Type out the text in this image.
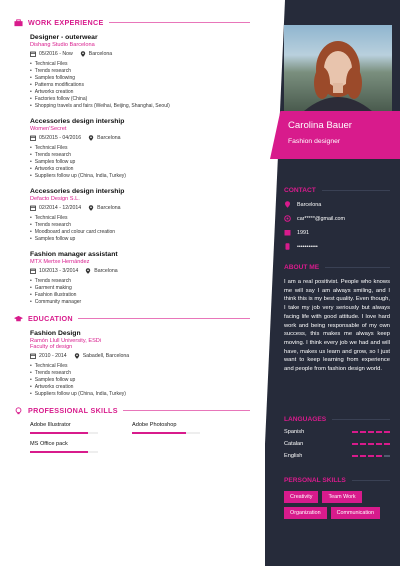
WORK EXPERIENCE
Designer - outerwear
Dishang Studio Barcelona
05/2016 - Now	Barcelona
• Technical Files
• Trends research
• Samples following
• Patterns modifications
• Artworks creation
• Factories follow (China)
• Shopping travels and fairs (Weihai, Beijing, Shanghai, Seoul)
Accessories design intership
Women'Secret
05/2015 - 04/2016	Barcelona
• Technical Files
• Trends research
• Samples follow up
• Artworks creation
• Suppliers follow up (China, India, Turkey)
Accessories design intership
Defacto Design S.L.
02/2014 - 12/2014	Barcelona
• Technical Files
• Trends research
• Moodboard and colour card creation
• Samples follow up
Fashion manager assistant
MTX Mertxe Hernández
10/2013 - 3/2014	Barcelona
• Trends research
• Garment making
• Fashion illustration
• Community manager
EDUCATION
Fashion Design
Ramón Llull University, ESDi
Faculty of design
2010 - 2014	Sabadell, Barcelona
• Technical Files
• Trends research
• Samples follow up
• Artworks creation
• Suppliers follow up (China, India, Turkey)
PROFESSIONAL SKILLS
Adobe Illustrator	Adobe Photoshop
MS Office pack
Carolina Bauer
Fashion designer
CONTACT
Barcelona
car*****@gmail.com
1991
•••••••••••
ABOUT ME
I am a real positivist. People who knows me will say I am always smiling, and I think this is my best quality. Even though, I take my job very seriously but always facing life with good attitude. I love hard work and being responsable of my own success, this makes me always keep moving. I think every job we had and will have, makes us learn and grow, so I just want to keep learning from experience and people from fashion design world.
LANGUAGES
Spanish
Catalan
English
PERSONAL SKILLS
Creativity	Team Work
Organization	Communication
